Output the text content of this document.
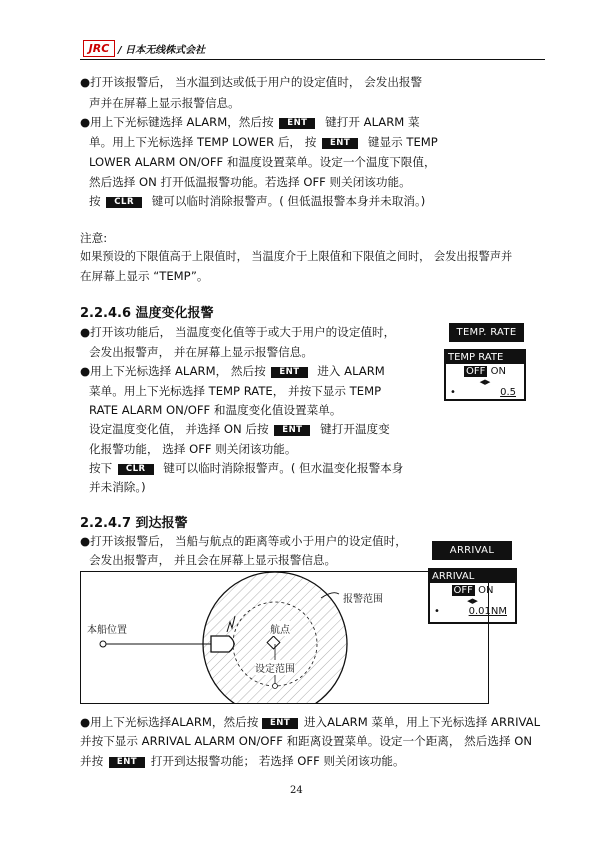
JRC / 日本无线株式会社
●打开该报警后， 当水温到达或低于用户的设定值时， 会发出报警
声并在屏幕上显示报警信息。
●用上下光标键选择 ALARM，然后按 ENT 键打开 ALARM 菜
单。用上下光标选择 TEMP LOWER 后， 按 ENT 键显示 TEMP
LOWER ALARM ON/OFF 和温度设置菜单。设定一个温度下限值，
然后选择 ON 打开低温报警功能。若选择 OFF 则关闭该功能。
按 CLR 键可以临时消除报警声。( 但低温报警本身并未取消。)
注意:
如果预设的下限值高于上限值时， 当温度介于上限值和下限值之间时， 会发出报警声并
在屏幕上显示 “TEMP”。
2.2.4.6 温度变化报警
●打开该功能后， 当温度变化值等于或大于用户的设定值时，
会发出报警声， 并在屏幕上显示报警信息。
●用上下光标选择 ALARM， 然后按 ENT 进入 ALARM
菜单。用上下光标选择 TEMP RATE， 并按下显示 TEMP
RATE ALARM ON/OFF 和温度变化值设置菜单。
设定温度变化值， 并选择 ON 后按 ENT 键打开温度变
化报警功能， 选择 OFF 则关闭该功能。
按下 CLR 键可以临时消除报警声。( 但水温变化报警本身
并未消除。)
TEMP. RATE
TEMP RATE
OFF ON
◀▶
•	0.5
2.2.4.7 到达报警
●打开该报警后， 当船与航点的距离等或小于用户的设定值时，
会发出报警声， 并且会在屏幕上显示报警信息。
ARRIVAL
ARRIVAL
OFF ON
◀▶
•	0.01NM
本船位置	航点
报警范围
设定范围
●用上下光标选择ALARM，然后按 ENT 进入ALARM 菜单，用上下光标选择 ARRIVAL
并按下显示 ARRIVAL ALARM ON/OFF 和距离设置菜单。设定一个距离， 然后选择 ON
并按 ENT 打开到达报警功能； 若选择 OFF 则关闭该功能。
24
